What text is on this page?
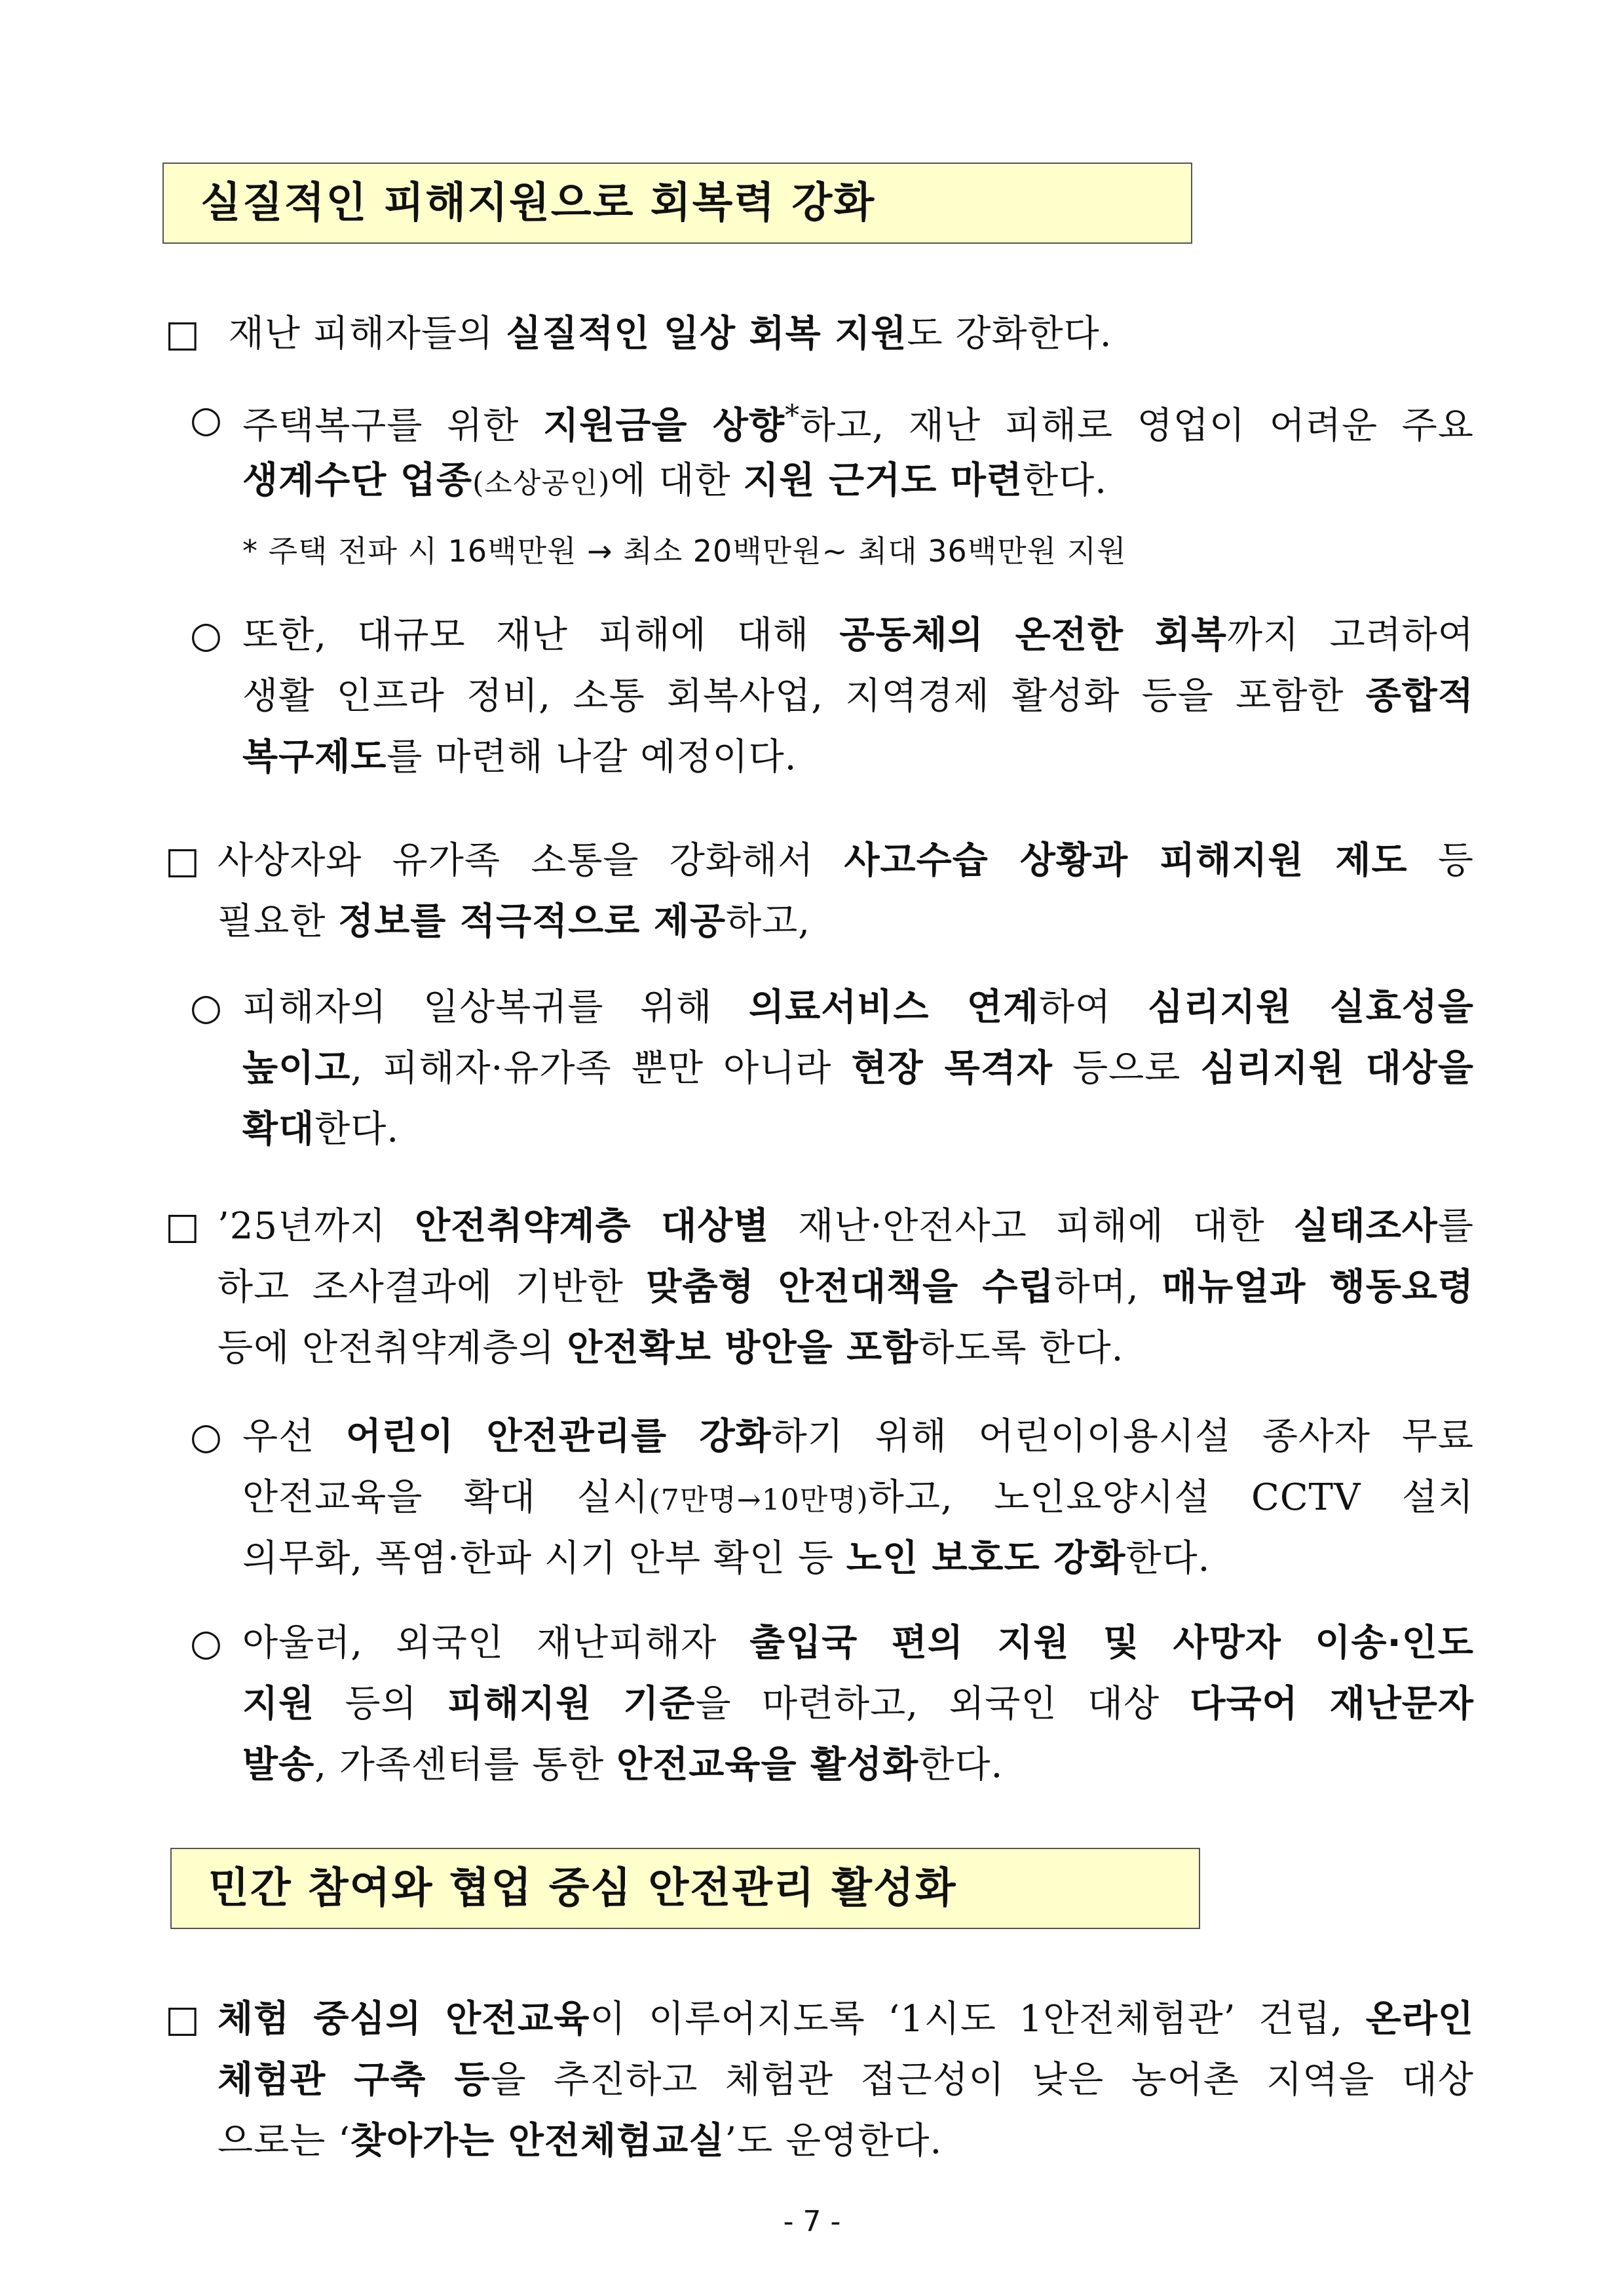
실질적인 피해지원으로 회복력 강화
□ 재난 피해자들의 실질적인 일상 회복 지원도 강화한다.
○ 주택복구를 위한 지원금을 상향*하고, 재난 피해로 영업이 어려운 주요
생계수단 업종(소상공인)에 대한 지원 근거도 마련한다.
* 주택 전파 시 16백만원 → 최소 20백만원∼ 최대 36백만원 지원
○ 또한, 대규모 재난 피해에 대해 공동체의 온전한 회복까지 고려하여
생활 인프라 정비, 소통 회복사업, 지역경제 활성화 등을 포함한 종합적
복구제도를 마련해 나갈 예정이다.
□ 사상자와 유가족 소통을 강화해서 사고수습 상황과 피해지원 제도 등
필요한 정보를 적극적으로 제공하고,
○ 피해자의 일상복귀를 위해 의료서비스 연계하여 심리지원 실효성을
높이고, 피해자·유가족 뿐만 아니라 현장 목격자 등으로 심리지원 대상을
확대한다.
□ ’25년까지 안전취약계층 대상별 재난·안전사고 피해에 대한 실태조사를
하고 조사결과에 기반한 맞춤형 안전대책을 수립하며, 매뉴얼과 행동요령
등에 안전취약계층의 안전확보 방안을 포함하도록 한다.
○ 우선 어린이 안전관리를 강화하기 위해 어린이이용시설 종사자 무료
안전교육을 확대 실시(7만명→10만명)하고, 노인요양시설 CCTV 설치
의무화, 폭염·한파 시기 안부 확인 등 노인 보호도 강화한다.
○ 아울러, 외국인 재난피해자 출입국 편의 지원 및 사망자 이송·인도
지원 등의 피해지원 기준을 마련하고, 외국인 대상 다국어 재난문자
발송, 가족센터를 통한 안전교육을 활성화한다.
민간 참여와 협업 중심 안전관리 활성화
□ 체험 중심의 안전교육이 이루어지도록 ‘1시도 1안전체험관’ 건립, 온라인
체험관 구축 등을 추진하고 체험관 접근성이 낮은 농어촌 지역을 대상
으로는 ‘찾아가는 안전체험교실’도 운영한다.
- 7 -
